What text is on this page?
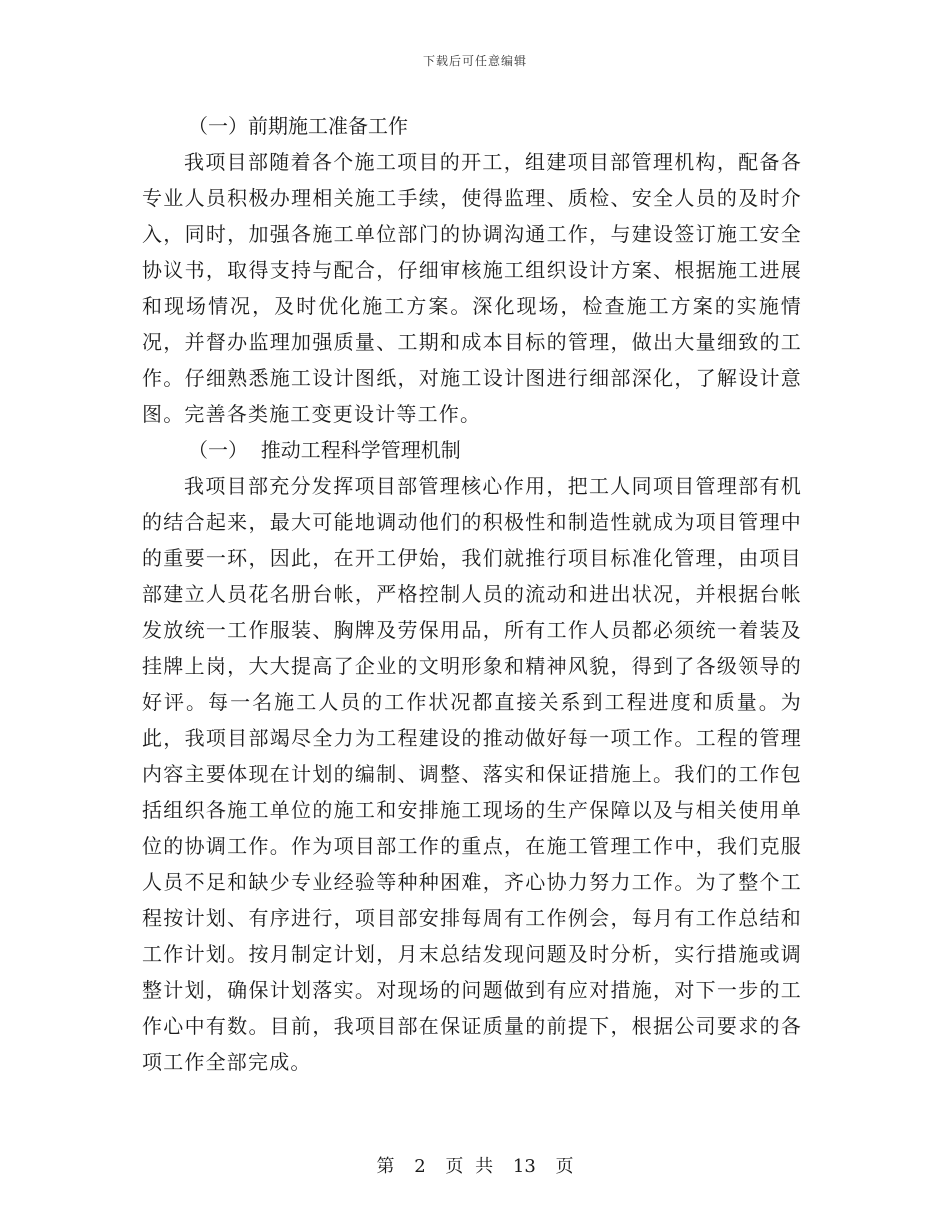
下载后可任意编辑
（一）前期施工准备工作

我项目部随着各个施工项目的开工，组建项目部管理机构，配备各专业人员积极办理相关施工手续，使得监理、质检、安全人员的及时介入，同时，加强各施工单位部门的协调沟通工作，与建设签订施工安全协议书，取得支持与配合，仔细审核施工组织设计方案、根据施工进展和现场情况，及时优化施工方案。深化现场，检查施工方案的实施情况，并督办监理加强质量、工期和成本目标的管理，做出大量细致的工作。仔细熟悉施工设计图纸，对施工设计图进行细部深化，了解设计意图。完善各类施工变更设计等工作。

（一）  推动工程科学管理机制

我项目部充分发挥项目部管理核心作用，把工人同项目管理部有机的结合起来，最大可能地调动他们的积极性和制造性就成为项目管理中的重要一环，因此，在开工伊始，我们就推行项目标准化管理，由项目部建立人员花名册台帐，严格控制人员的流动和进出状况，并根据台帐发放统一工作服装、胸牌及劳保用品，所有工作人员都必须统一着装及挂牌上岗，大大提高了企业的文明形象和精神风貌，得到了各级领导的好评。每一名施工人员的工作状况都直接关系到工程进度和质量。为此，我项目部竭尽全力为工程建设的推动做好每一项工作。工程的管理内容主要体现在计划的编制、调整、落实和保证措施上。我们的工作包括组织各施工单位的施工和安排施工现场的生产保障以及与相关使用单位的协调工作。作为项目部工作的重点，在施工管理工作中，我们克服人员不足和缺少专业经验等种种困难，齐心协力努力工作。为了整个工程按计划、有序进行，项目部安排每周有工作例会，每月有工作总结和工作计划。按月制定计划，月末总结发现问题及时分析，实行措施或调整计划，确保计划落实。对现场的问题做到有应对措施，对下一步的工作心中有数。目前，我项目部在保证质量的前提下，根据公司要求的各项工作全部完成。

第 2 页 共 13 页
